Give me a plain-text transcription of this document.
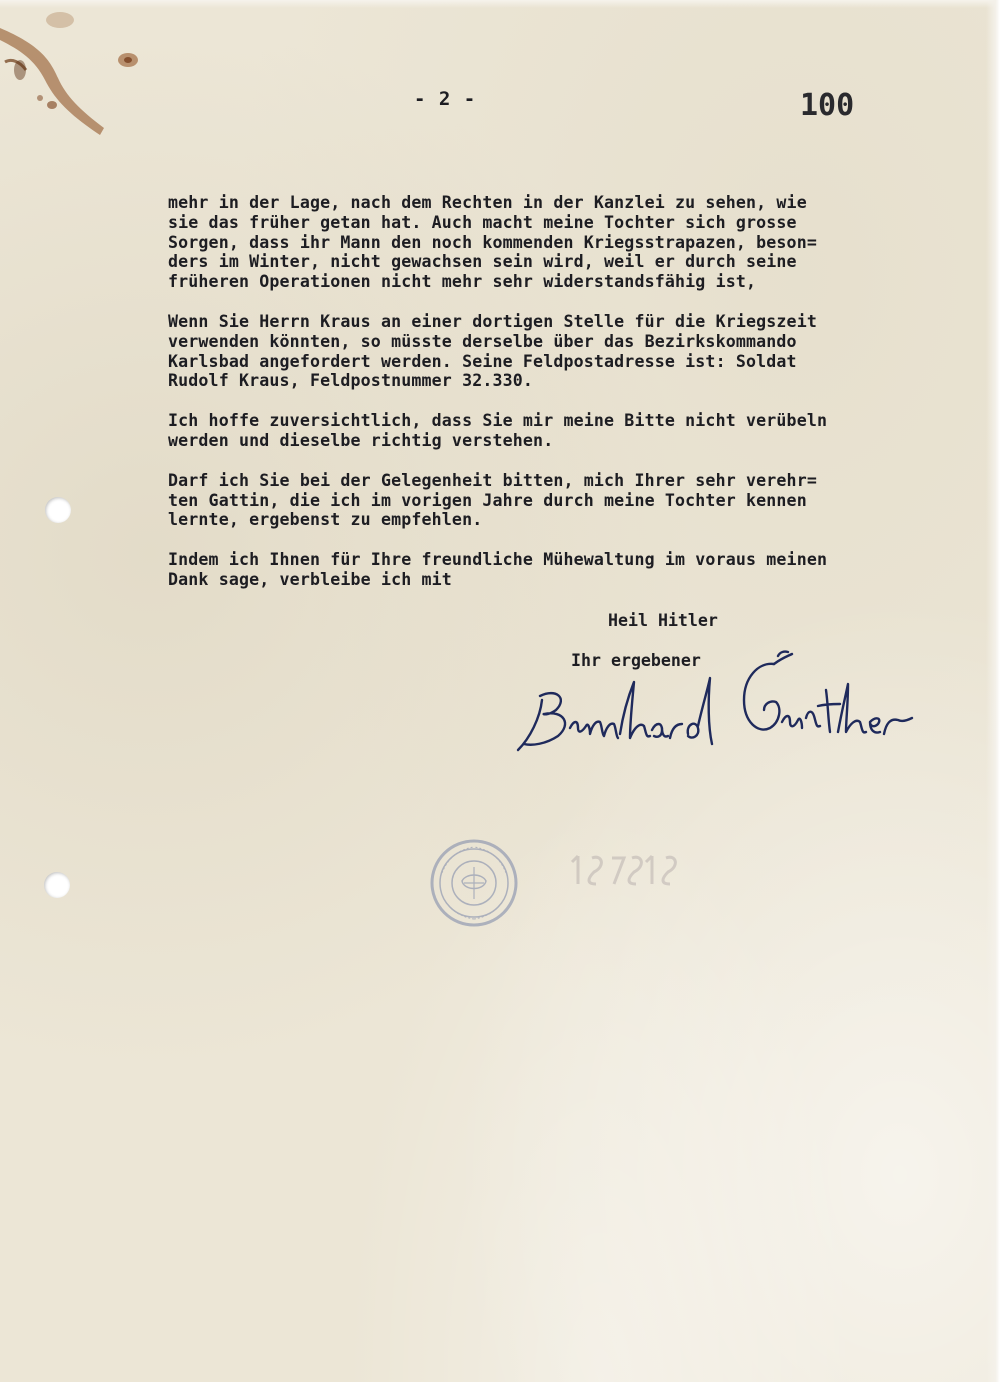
- 2 -	100
mehr in der Lage, nach dem Rechten in der Kanzlei zu sehen, wie
sie das früher getan hat. Auch macht meine Tochter sich grosse
Sorgen, dass ihr Mann den noch kommenden Kriegsstrapazen, beson=
ders im Winter, nicht gewachsen sein wird, weil er durch seine
früheren Operationen nicht mehr sehr widerstandsfähig ist,
Wenn Sie Herrn Kraus an einer dortigen Stelle für die Kriegszeit
verwenden könnten, so müsste derselbe über das Bezirkskommando
Karlsbad angefordert werden. Seine Feldpostadresse ist: Soldat
Rudolf Kraus, Feldpostnummer 32.330.
Ich hoffe zuversichtlich, dass Sie mir meine Bitte nicht verübeln
werden und dieselbe richtig verstehen.
Darf ich Sie bei der Gelegenheit bitten, mich Ihrer sehr verehr=
ten Gattin, die ich im vorigen Jahre durch meine Tochter kennen
lernte, ergebenst zu empfehlen.
Indem ich Ihnen für Ihre freundliche Mühewaltung im voraus meinen
Dank sage, verbleibe ich mit
Heil Hitler
Ihr ergebener
